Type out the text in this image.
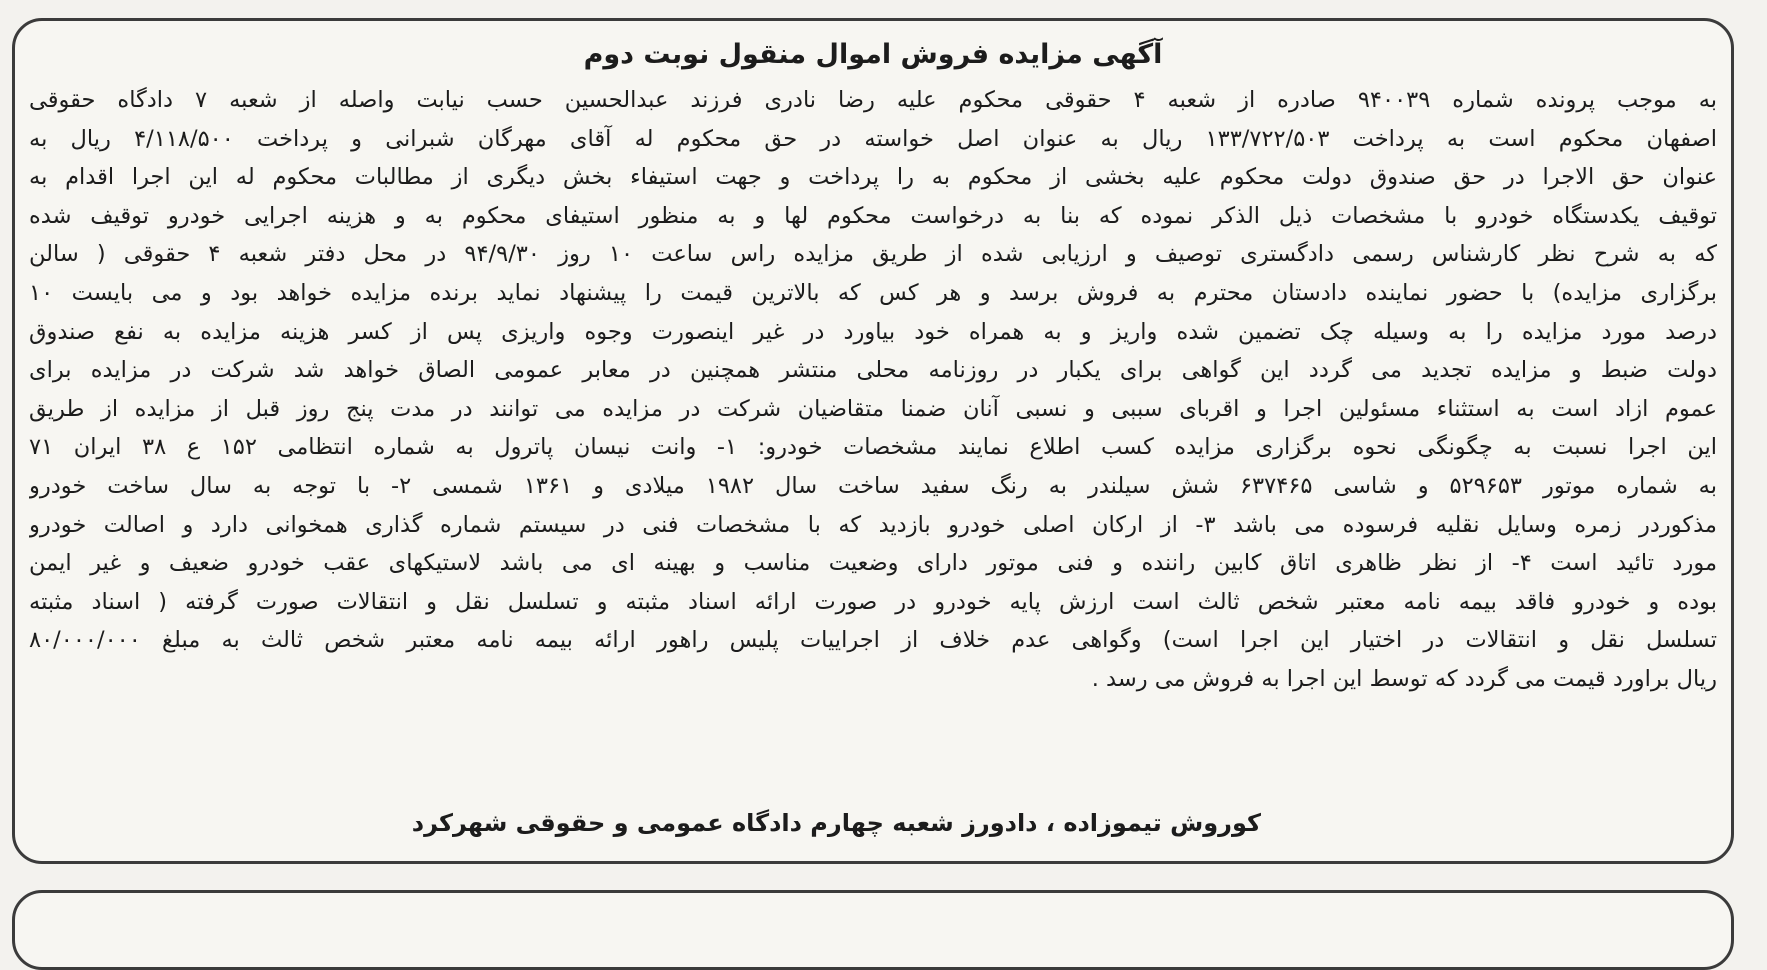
آگهی مزایده فروش اموال منقول نوبت دوم
به موجب پرونده شماره ۹۴۰۰۳۹ صادره از شعبه ۴ حقوقی محکوم علیه رضا نادری فرزند عبدالحسین حسب نیابت واصله از شعبه ۷ دادگاه حقوقی
اصفهان محکوم است به پرداخت ۱۳۳/۷۲۲/۵۰۳ ریال به عنوان اصل خواسته در حق محکوم له آقای مهرگان شبرانی و پرداخت ۴/۱۱۸/۵۰۰ ریال به
عنوان حق الاجرا در حق صندوق دولت محکوم علیه بخشی از محکوم به را پرداخت و جهت استیفاء بخش دیگری از مطالبات محکوم له این اجرا اقدام به
توقیف یکدستگاه خودرو با مشخصات ذیل الذکر نموده که بنا به درخواست محکوم لها و به منظور استیفای محکوم به و هزینه اجرایی خودرو توقیف شده
که به شرح نظر کارشناس رسمی دادگستری توصیف و ارزیابی شده از طریق مزایده راس ساعت ۱۰ روز ۹۴/۹/۳۰ در محل دفتر شعبه ۴ حقوقی ( سالن
برگزاری مزایده) با حضور نماینده دادستان محترم به فروش برسد و هر کس که بالاترین قیمت را پیشنهاد نماید برنده مزایده خواهد بود و می بایست ۱۰
درصد مورد مزایده را به وسیله چک تضمین شده واریز و به همراه خود بیاورد در غیر اینصورت وجوه واریزی پس از کسر هزینه مزایده به نفع صندوق
دولت ضبط و مزایده تجدید می گردد این گواهی برای یکبار در روزنامه محلی منتشر همچنین در معابر عمومی الصاق خواهد شد شرکت در مزایده برای
عموم ازاد است به استثناء مسئولین اجرا و اقربای سببی و نسبی آنان ضمنا متقاضیان شرکت در مزایده می توانند در مدت پنج روز قبل از مزایده از طریق
این اجرا نسبت به چگونگی نحوه برگزاری مزایده کسب اطلاع نمایند مشخصات خودرو: ۱- وانت نیسان پاترول به شماره انتظامی ۱۵۲ ع ۳۸ ایران ۷۱
به شماره موتور ۵۲۹۶۵۳ و شاسی ۶۳۷۴۶۵ شش سیلندر به رنگ سفید ساخت سال ۱۹۸۲ میلادی و ۱۳۶۱ شمسی ۲- با توجه به سال ساخت خودرو
مذکوردر زمره وسایل نقلیه فرسوده می باشد ۳- از ارکان اصلی خودرو بازدید که با مشخصات فنی در سیستم شماره گذاری همخوانی دارد و اصالت خودرو
مورد تائید است ۴- از نظر ظاهری اتاق کابین راننده و فنی موتور دارای وضعیت مناسب و بهینه ای می باشد لاستیکهای عقب خودرو ضعیف و غیر ایمن
بوده و خودرو فاقد بیمه نامه معتبر شخص ثالث است ارزش پایه خودرو در صورت ارائه اسناد مثبته و تسلسل نقل و انتقالات صورت گرفته ( اسناد مثبته
تسلسل نقل و انتقالات در اختیار این اجرا است) وگواهی عدم خلاف از اجراییات پلیس راهور ارائه بیمه نامه معتبر شخص ثالث به مبلغ ۸۰/۰۰۰/۰۰۰
ریال براورد قیمت می گردد که توسط این اجرا به فروش می رسد .
کوروش تیموزاده ، دادورز شعبه چهارم دادگاه عمومی و حقوقی شهرکرد
